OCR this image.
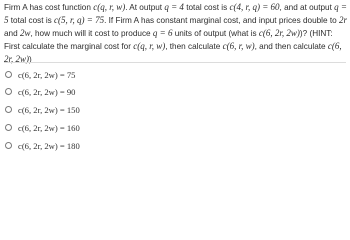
Firm A has cost function c(q, r, w). At output q = 4 total cost is c(4, r, q) = 60, and at output q = 5 total cost is c(5, r, q) = 75. If Firm A has constant marginal cost, and input prices double to 2r and 2w, how much will it cost to produce q = 6 units of output (what is c(6, 2r, 2w))? (HINT: First calculate the marginal cost for c(q, r, w), then calculate c(6, r, w), and then calculate c(6, 2r, 2w))

c(6, 2r, 2w) = 75
c(6, 2r, 2w) = 90
c(6, 2r, 2w) = 150
c(6, 2r, 2w) = 160
c(6, 2r, 2w) = 180
